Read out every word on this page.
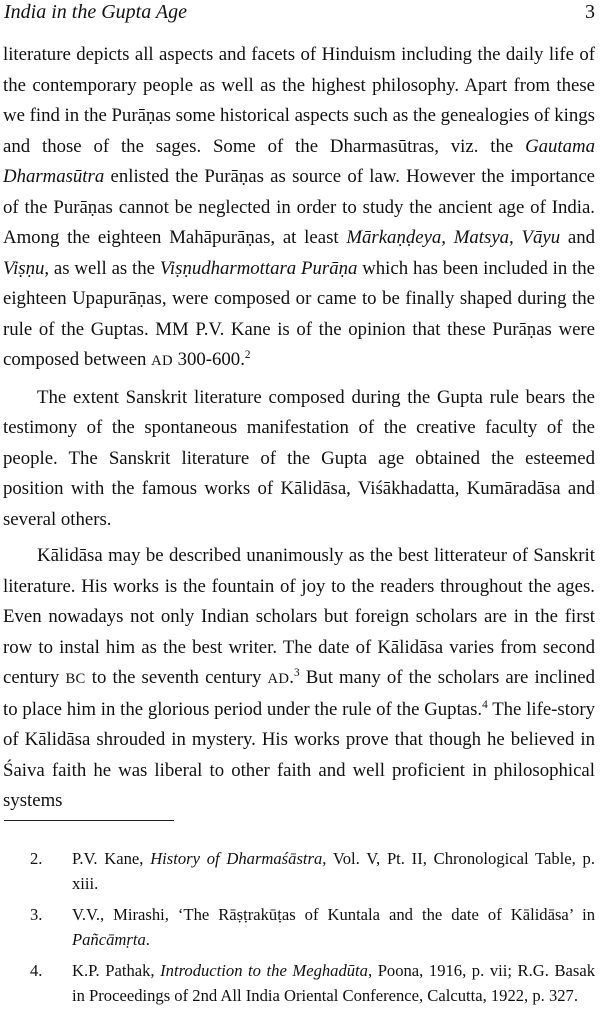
India in the Gupta Age	3

literature depicts all aspects and facets of Hinduism including the daily life of the contemporary people as well as the highest philosophy. Apart from these we find in the Purāṇas some historical aspects such as the genealogies of kings and those of the sages. Some of the Dharmasūtras, viz. the Gautama Dharmasūtra enlisted the Purāṇas as source of law. However the importance of the Purāṇas cannot be neglected in order to study the ancient age of India. Among the eighteen Mahāpurāṇas, at least Mārkaṇḍeya, Matsya, Vāyu and Viṣṇu, as well as the Viṣṇudharmottara Purāṇa which has been included in the eighteen Upapurāṇas, were composed or came to be finally shaped during the rule of the Guptas. MM P.V. Kane is of the opinion that these Purāṇas were composed between AD 300-600.$^2$

The extent Sanskrit literature composed during the Gupta rule bears the testimony of the spontaneous manifestation of the creative faculty of the people. The Sanskrit literature of the Gupta age obtained the esteemed position with the famous works of Kālidāsa, Viśākhadatta, Kumāradāsa and several others.

Kālidāsa may be described unanimously as the best litterateur of Sanskrit literature. His works is the fountain of joy to the readers throughout the ages. Even nowadays not only Indian scholars but foreign scholars are in the first row to instal him as the best writer. The date of Kālidāsa varies from second century BC to the seventh century AD.$^3$ But many of the scholars are inclined to place him in the glorious period under the rule of the Guptas.$^4$ The life-story of Kālidāsa shrouded in mystery. His works prove that though he believed in Śaiva faith he was liberal to other faith and well proficient in philosophical systems

2.	P.V. Kane, History of Dharmaśāstra, Vol. V, Pt. II, Chronological Table, p. xiii.
3.	V.V., Mirashi, ‘The Rāṣṭrakūṭas of Kuntala and the date of Kālidāsa’ in Pañcāmṛta.
4.	K.P. Pathak, Introduction to the Meghadūta, Poona, 1916, p. vii; R.G. Basak in Proceedings of 2nd All India Oriental Conference, Calcutta, 1922, p. 327.
